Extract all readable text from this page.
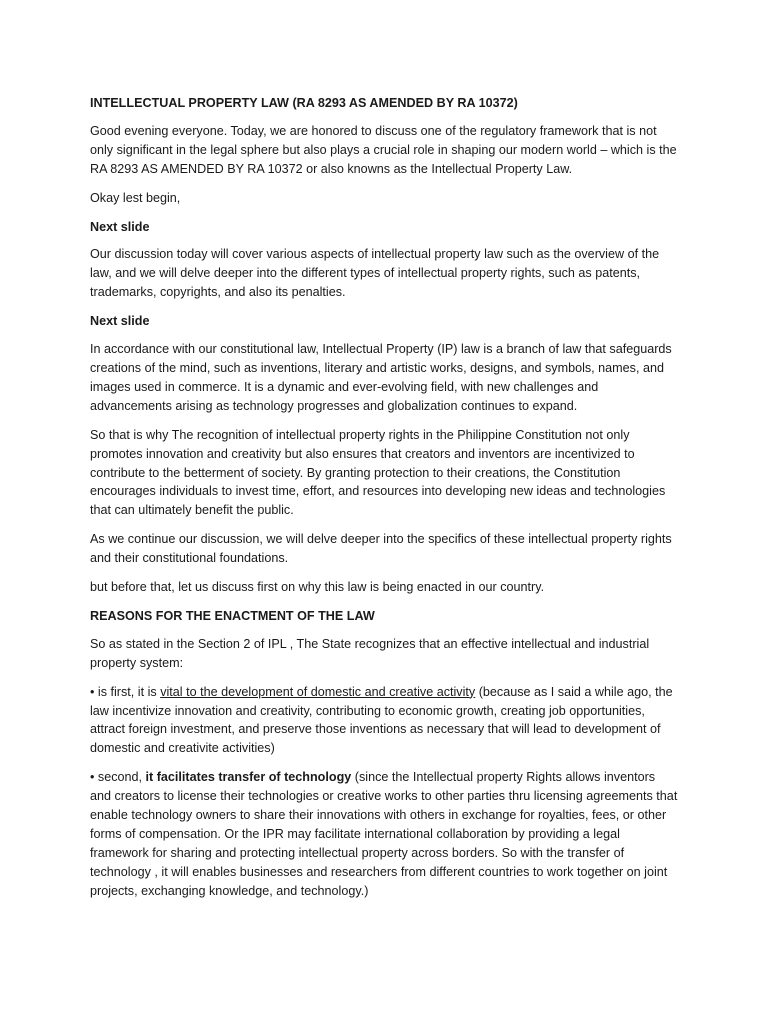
INTELLECTUAL PROPERTY LAW (RA 8293 AS AMENDED BY RA 10372)

Good evening everyone. Today, we are honored to discuss one of the regulatory framework that is not only significant in the legal sphere but also plays a crucial role in shaping our modern world – which is the RA 8293 AS AMENDED BY RA 10372 or also knowns as the Intellectual Property Law.

Okay lest begin,

Next slide

Our discussion today will cover various aspects of intellectual property law such as the overview of the law, and we will delve deeper into the different types of intellectual property rights, such as patents, trademarks, copyrights, and also its penalties.

Next slide

In accordance with our constitutional law, Intellectual Property (IP) law is a branch of law that safeguards creations of the mind, such as inventions, literary and artistic works, designs, and symbols, names, and images used in commerce. It is a dynamic and ever-evolving field, with new challenges and advancements arising as technology progresses and globalization continues to expand.

So that is why The recognition of intellectual property rights in the Philippine Constitution not only promotes innovation and creativity but also ensures that creators and inventors are incentivized to contribute to the betterment of society. By granting protection to their creations, the Constitution encourages individuals to invest time, effort, and resources into developing new ideas and technologies that can ultimately benefit the public.

As we continue our discussion, we will delve deeper into the specifics of these intellectual property rights and their constitutional foundations.

but before that, let us discuss first on why this law is being enacted in our country.

REASONS FOR THE ENACTMENT OF THE LAW

So as stated in the Section 2 of IPL , The State recognizes that an effective intellectual and industrial property system:

• is first, it is vital to the development of domestic and creative activity (because as I said a while ago, the law incentivize innovation and creativity, contributing to economic growth, creating job opportunities, attract foreign investment, and preserve those inventions as necessary that will lead to development of domestic and creativite activities)

• second, it facilitates transfer of technology (since the Intellectual property Rights allows inventors and creators to license their technologies or creative works to other parties thru licensing agreements that enable technology owners to share their innovations with others in exchange for royalties, fees, or other forms of compensation. Or the IPR may facilitate international collaboration by providing a legal framework for sharing and protecting intellectual property across borders. So with the transfer of technology , it will enables businesses and researchers from different countries to work together on joint projects, exchanging knowledge, and technology.)
